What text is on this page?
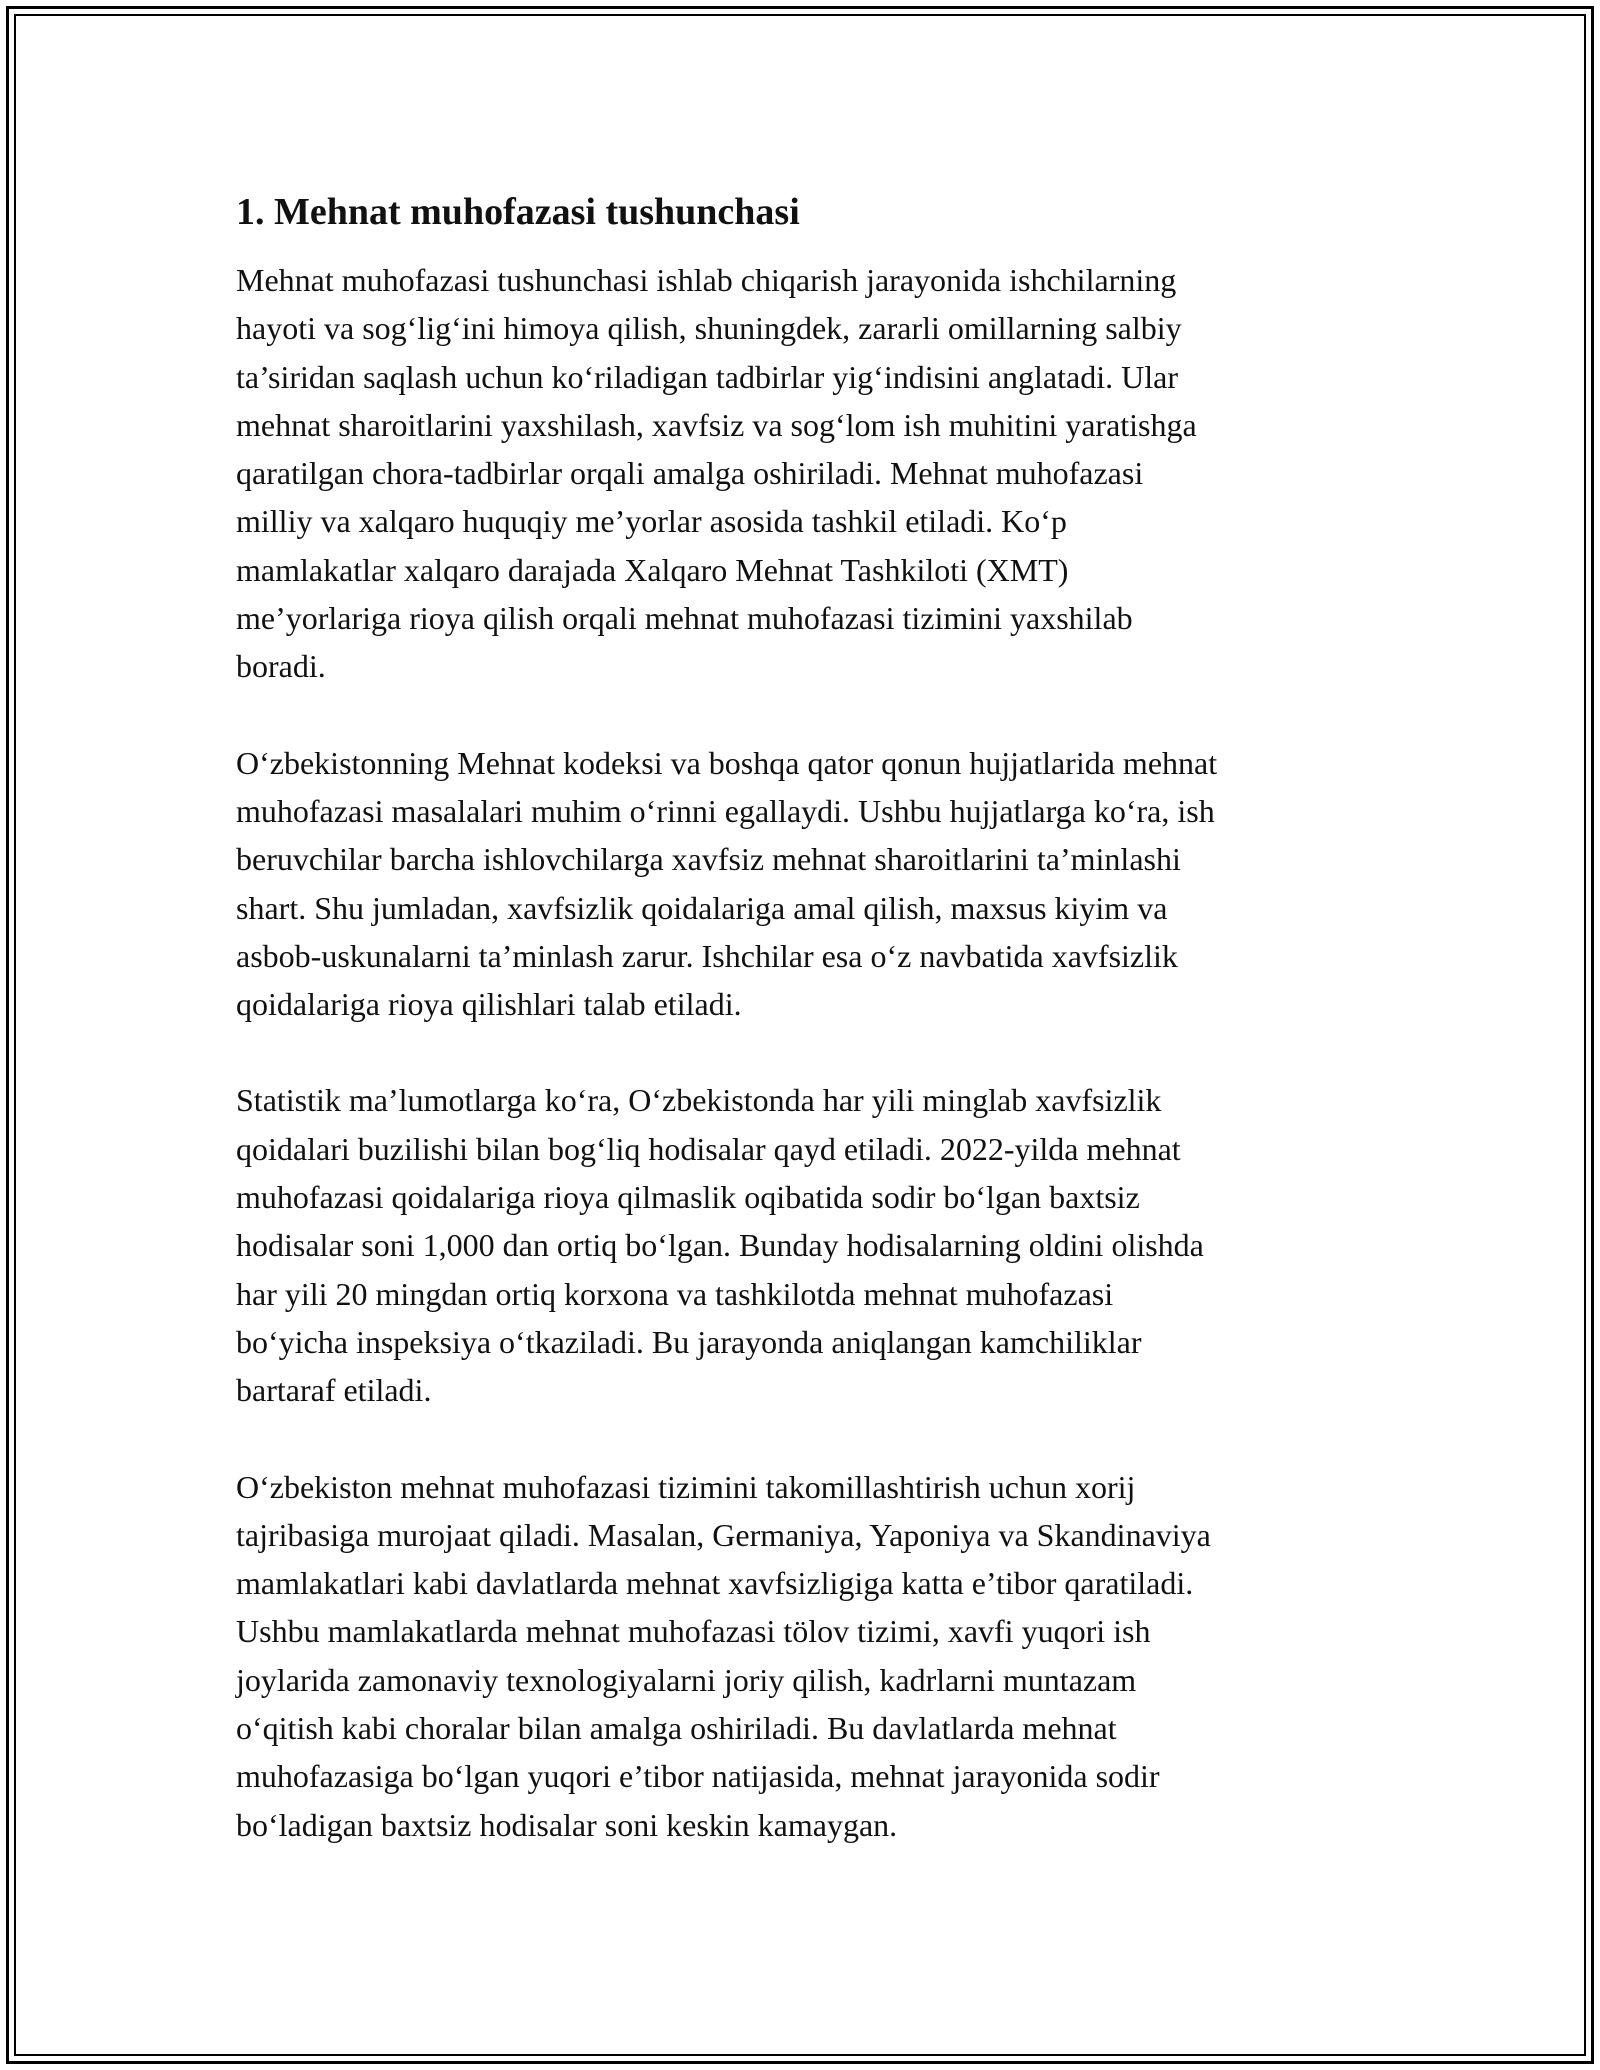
1. Mehnat muhofazasi tushunchasi
Mehnat muhofazasi tushunchasi ishlab chiqarish jarayonida ishchilarning
hayoti va sog‘lig‘ini himoya qilish, shuningdek, zararli omillarning salbiy
ta’siridan saqlash uchun ko‘riladigan tadbirlar yig‘indisini anglatadi. Ular
mehnat sharoitlarini yaxshilash, xavfsiz va sog‘lom ish muhitini yaratishga
qaratilgan chora-tadbirlar orqali amalga oshiriladi. Mehnat muhofazasi
milliy va xalqaro huquqiy me’yorlar asosida tashkil etiladi. Ko‘p
mamlakatlar xalqaro darajada Xalqaro Mehnat Tashkiloti (XMT)
me’yorlariga rioya qilish orqali mehnat muhofazasi tizimini yaxshilab
boradi.
O‘zbekistonning Mehnat kodeksi va boshqa qator qonun hujjatlarida mehnat
muhofazasi masalalari muhim o‘rinni egallaydi. Ushbu hujjatlarga ko‘ra, ish
beruvchilar barcha ishlovchilarga xavfsiz mehnat sharoitlarini ta’minlashi
shart. Shu jumladan, xavfsizlik qoidalariga amal qilish, maxsus kiyim va
asbob-uskunalarni ta’minlash zarur. Ishchilar esa o‘z navbatida xavfsizlik
qoidalariga rioya qilishlari talab etiladi.
Statistik ma’lumotlarga ko‘ra, O‘zbekistonda har yili minglab xavfsizlik
qoidalari buzilishi bilan bog‘liq hodisalar qayd etiladi. 2022-yilda mehnat
muhofazasi qoidalariga rioya qilmaslik oqibatida sodir bo‘lgan baxtsiz
hodisalar soni 1,000 dan ortiq bo‘lgan. Bunday hodisalarning oldini olishda
har yili 20 mingdan ortiq korxona va tashkilotda mehnat muhofazasi
bo‘yicha inspeksiya o‘tkaziladi. Bu jarayonda aniqlangan kamchiliklar
bartaraf etiladi.
O‘zbekiston mehnat muhofazasi tizimini takomillashtirish uchun xorij
tajribasiga murojaat qiladi. Masalan, Germaniya, Yaponiya va Skandinaviya
mamlakatlari kabi davlatlarda mehnat xavfsizligiga katta e’tibor qaratiladi.
Ushbu mamlakatlarda mehnat muhofazasi tölov tizimi, xavfi yuqori ish
joylarida zamonaviy texnologiyalarni joriy qilish, kadrlarni muntazam
o‘qitish kabi choralar bilan amalga oshiriladi. Bu davlatlarda mehnat
muhofazasiga bo‘lgan yuqori e’tibor natijasida, mehnat jarayonida sodir
bo‘ladigan baxtsiz hodisalar soni keskin kamaygan.
